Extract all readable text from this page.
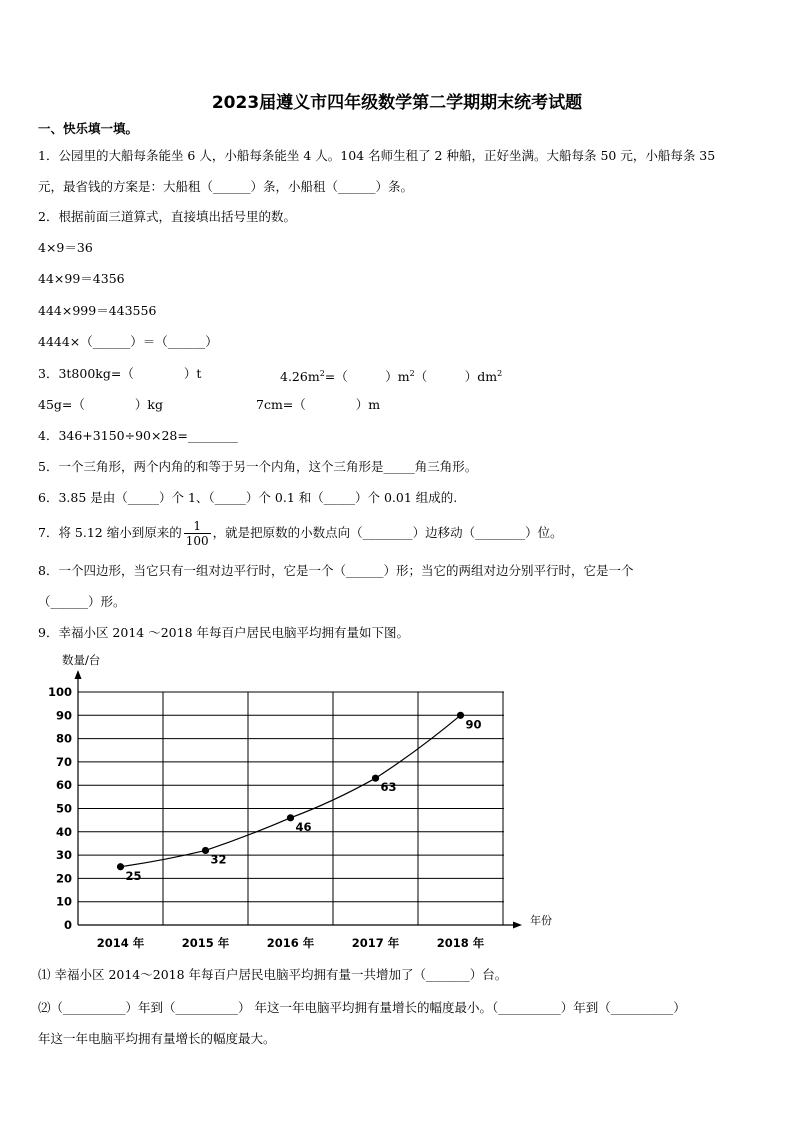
2023届遵义市四年级数学第二学期期末统考试题
一、快乐填一填。
1．公园里的大船每条能坐 6 人，小船每条能坐 4 人。104 名师生租了 2 种船，正好坐满。大船每条 50 元，小船每条 35
元，最省钱的方案是：大船租（______）条，小船租（______）条。
2．根据前面三道算式，直接填出括号里的数。
4×9＝36
44×99＝4356
444×999＝443556
4444×（______）＝（______）
3．3t800kg=（　　　　）t	$4.26m^2=$（　　　）$m^2$（　　　）$dm^2$
45g=（　　　　）kg	7cm=（　　　　）m
4．346+3150÷90×28=________
5．一个三角形，两个内角的和等于另一个内角，这个三角形是_____角三角形。
6．3.85 是由（_____）个 1、（_____）个 0.1 和（_____）个 0.01 组成的.
7．将 5.12 缩小到原来的 $\frac{1}{100}$ ，就是把原数的小数点向（________）边移动（________）位。
8．一个四边形，当它只有一组对边平行时，它是一个（______）形；当它的两组对边分别平行时，它是一个
（______）形。
9．幸福小区 2014 ～2018 年每百户居民电脑平均拥有量如下图。
0
10
20
30
40
50
60
70
80
90
100
数量/台
年份
2014 年	2015 年	2016 年	2017 年	2018 年
25
32
46
63
90
⑴ 幸福小区 2014～2018 年每百户居民电脑平均拥有量一共增加了（_______）台。
⑵（__________）年到（__________） 年这一年电脑平均拥有量增长的幅度最小。（__________）年到（__________）
年这一年电脑平均拥有量增长的幅度最大。
